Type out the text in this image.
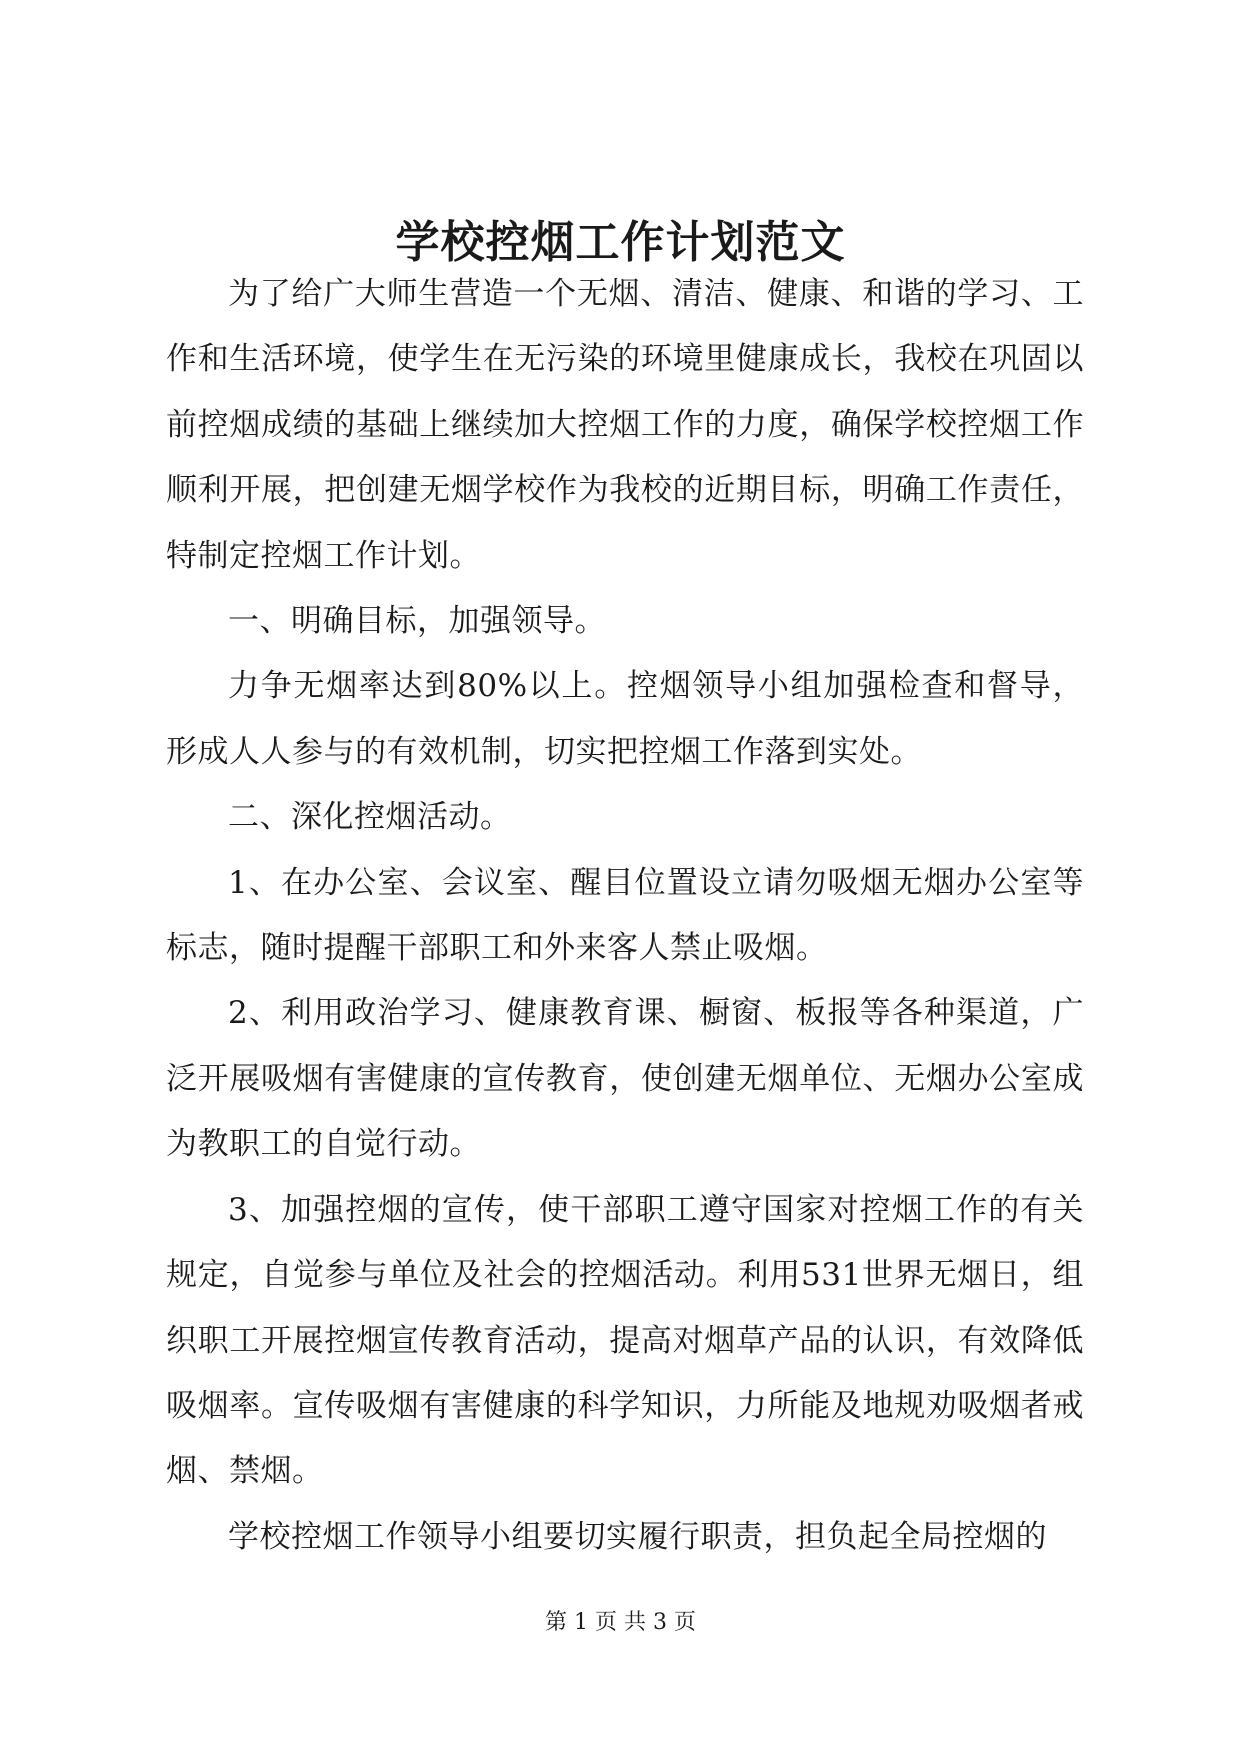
学校控烟工作计划范文

为了给广大师生营造一个无烟、清洁、健康、和谐的学习、工作和生活环境，使学生在无污染的环境里健康成长，我校在巩固以前控烟成绩的基础上继续加大控烟工作的力度，确保学校控烟工作顺利开展，把创建无烟学校作为我校的近期目标，明确工作责任，特制定控烟工作计划。

一、明确目标，加强领导。

力争无烟率达到80%以上。控烟领导小组加强检查和督导，形成人人参与的有效机制，切实把控烟工作落到实处。

二、深化控烟活动。

1、在办公室、会议室、醒目位置设立请勿吸烟无烟办公室等标志，随时提醒干部职工和外来客人禁止吸烟。

2、利用政治学习、健康教育课、橱窗、板报等各种渠道，广泛开展吸烟有害健康的宣传教育，使创建无烟单位、无烟办公室成为教职工的自觉行动。

3、加强控烟的宣传，使干部职工遵守国家对控烟工作的有关规定，自觉参与单位及社会的控烟活动。利用531世界无烟日，组织职工开展控烟宣传教育活动，提高对烟草产品的认识，有效降低吸烟率。宣传吸烟有害健康的科学知识，力所能及地规劝吸烟者戒烟、禁烟。

学校控烟工作领导小组要切实履行职责，担负起全局控烟的

第 1 页 共 3 页
